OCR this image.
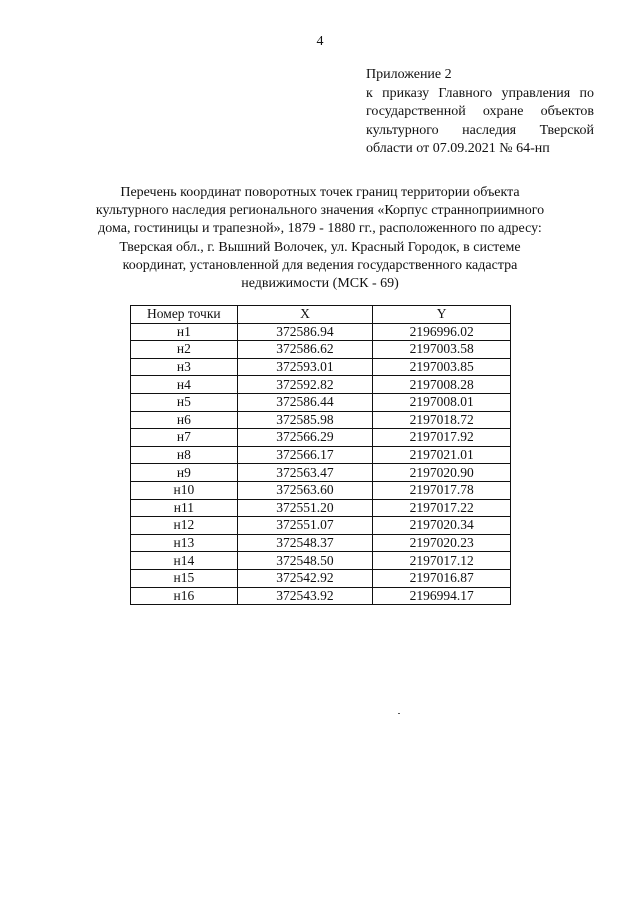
4
Приложение 2
к приказу Главного управления по
государственной охране объектов
культурного наследия Тверской
области от 07.09.2021 № 64-нп
Перечень координат поворотных точек границ территории объекта
культурного наследия регионального значения «Корпус странноприимного
дома, гостиницы и трапезной», 1879 - 1880 гг., расположенного по адресу:
Тверская обл., г. Вышний Волочек, ул. Красный Городок, в системе
координат, установленной для ведения государственного кадастра
недвижимости (МСК - 69)
Номер точки	X	Y
н1	372586.94	2196996.02
н2	372586.62	2197003.58
н3	372593.01	2197003.85
н4	372592.82	2197008.28
н5	372586.44	2197008.01
н6	372585.98	2197018.72
н7	372566.29	2197017.92
н8	372566.17	2197021.01
н9	372563.47	2197020.90
н10	372563.60	2197017.78
н11	372551.20	2197017.22
н12	372551.07	2197020.34
н13	372548.37	2197020.23
н14	372548.50	2197017.12
н15	372542.92	2197016.87
н16	372543.92	2196994.17
